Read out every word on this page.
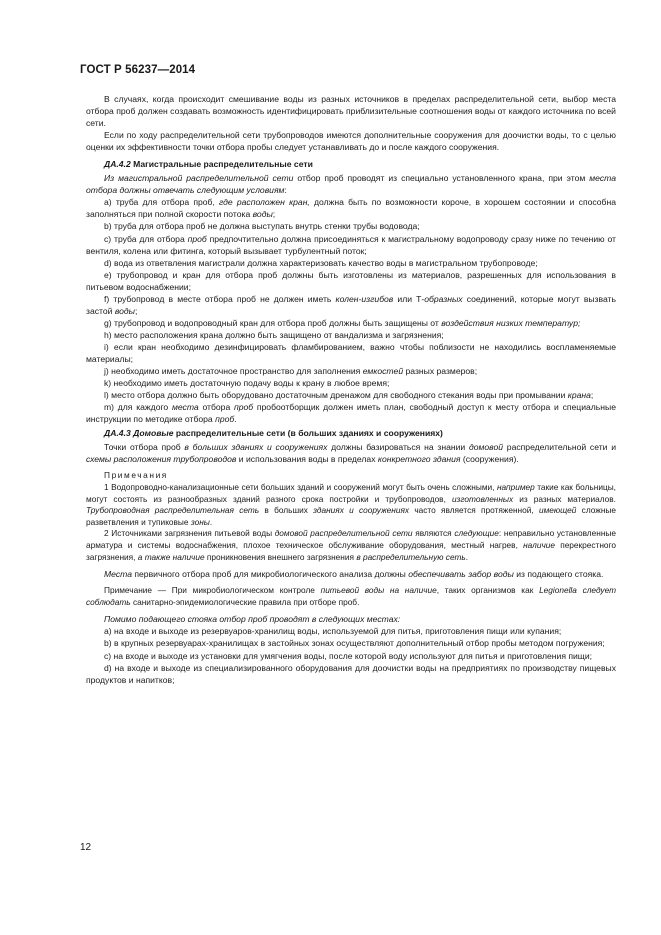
ГОСТ Р 56237—2014

В случаях, когда происходит смешивание воды из разных источников в пределах распределительной сети, выбор места отбора проб должен создавать возможность идентифицировать приблизительные соотношения воды от каждого источника по всей сети.

Если по ходу распределительной сети трубопроводов имеются дополнительные сооружения для доочистки воды, то с целью оценки их эффективности точки отбора пробы следует устанавливать до и после каждого сооружения.

ДА.4.2 Магистральные распределительные сети

Из магистральной распределительной сети отбор проб проводят из специально установленного крана, при этом места отбора должны отвечать следующим условиям:

а) труба для отбора проб, где расположен кран, должна быть по возможности короче, в хорошем состоянии и способна заполняться при полной скорости потока воды;

b) труба для отбора проб не должна выступать внутрь стенки трубы водовода;

с) труба для отбора проб предпочтительно должна присоединяться к магистральному водопроводу сразу ниже по течению от вентиля, колена или фитинга, который вызывает турбулентный поток;

d) вода из ответвления магистрали должна характеризовать качество воды в магистральном трубопроводе;

е) трубопровод и кран для отбора проб должны быть изготовлены из материалов, разрешенных для использования в питьевом водоснабжении;

f) трубопровод в месте отбора проб не должен иметь колен-изгибов или Т-образных соединений, которые могут вызвать застой воды;

g) трубопровод и водопроводный кран для отбора проб должны быть защищены от воздействия низких температур;

h) место расположения крана должно быть защищено от вандализма и загрязнения;

i) если кран необходимо дезинфицировать фламбированием, важно чтобы поблизости не находились воспламеняемые материалы;

j) необходимо иметь достаточное пространство для заполнения емкостей разных размеров;

k) необходимо иметь достаточную подачу воды к крану в любое время;

l) место отбора должно быть оборудовано достаточным дренажом для свободного стекания воды при промывании крана;

m) для каждого места отбора проб пробоотборщик должен иметь план, свободный доступ к месту отбора и специальные инструкции по методике отбора проб.

ДА.4.3 Домовые распределительные сети (в больших зданиях и сооружениях)

Точки отбора проб в больших зданиях и сооружениях должны базироваться на знании домовой распределительной сети и схемы расположения трубопроводов и использования воды в пределах конкретного здания (сооружения).

Примечания

1 Водопроводно-канализационные сети больших зданий и сооружений могут быть очень сложными, например такие как больницы, могут состоять из разнообразных зданий разного срока постройки и трубопроводов, изготовленных из разных материалов. Трубопроводная распределительная сеть в больших зданиях и сооружениях часто является протяженной, имеющей сложные разветвления и тупиковые зоны.

2 Источниками загрязнения питьевой воды домовой распределительной сети являются следующие: неправильно установленные арматура и системы водоснабжения, плохое техническое обслуживание оборудования, местный нагрев, наличие перекрестного загрязнения, а также наличие проникновения внешнего загрязнения в распределительную сеть.

Места первичного отбора проб для микробиологического анализа должны обеспечивать забор воды из подающего стояка.

Примечание — При микробиологическом контроле питьевой воды на наличие, таких организмов как Legionella следует соблюдать санитарно-эпидемиологические правила при отборе проб.

Помимо подающего стояка отбор проб проводят в следующих местах:

а) на входе и выходе из резервуаров-хранилищ воды, используемой для питья, приготовления пищи или купания;

b) в крупных резервуарах-хранилищах в застойных зонах осуществляют дополнительный отбор пробы методом погружения;

с) на входе и выходе из установки для умягчения воды, после которой воду используют для питья и приготовления пищи;

d) на входе и выходе из специализированного оборудования для доочистки воды на предприятиях по производству пищевых продуктов и напитков;

12
